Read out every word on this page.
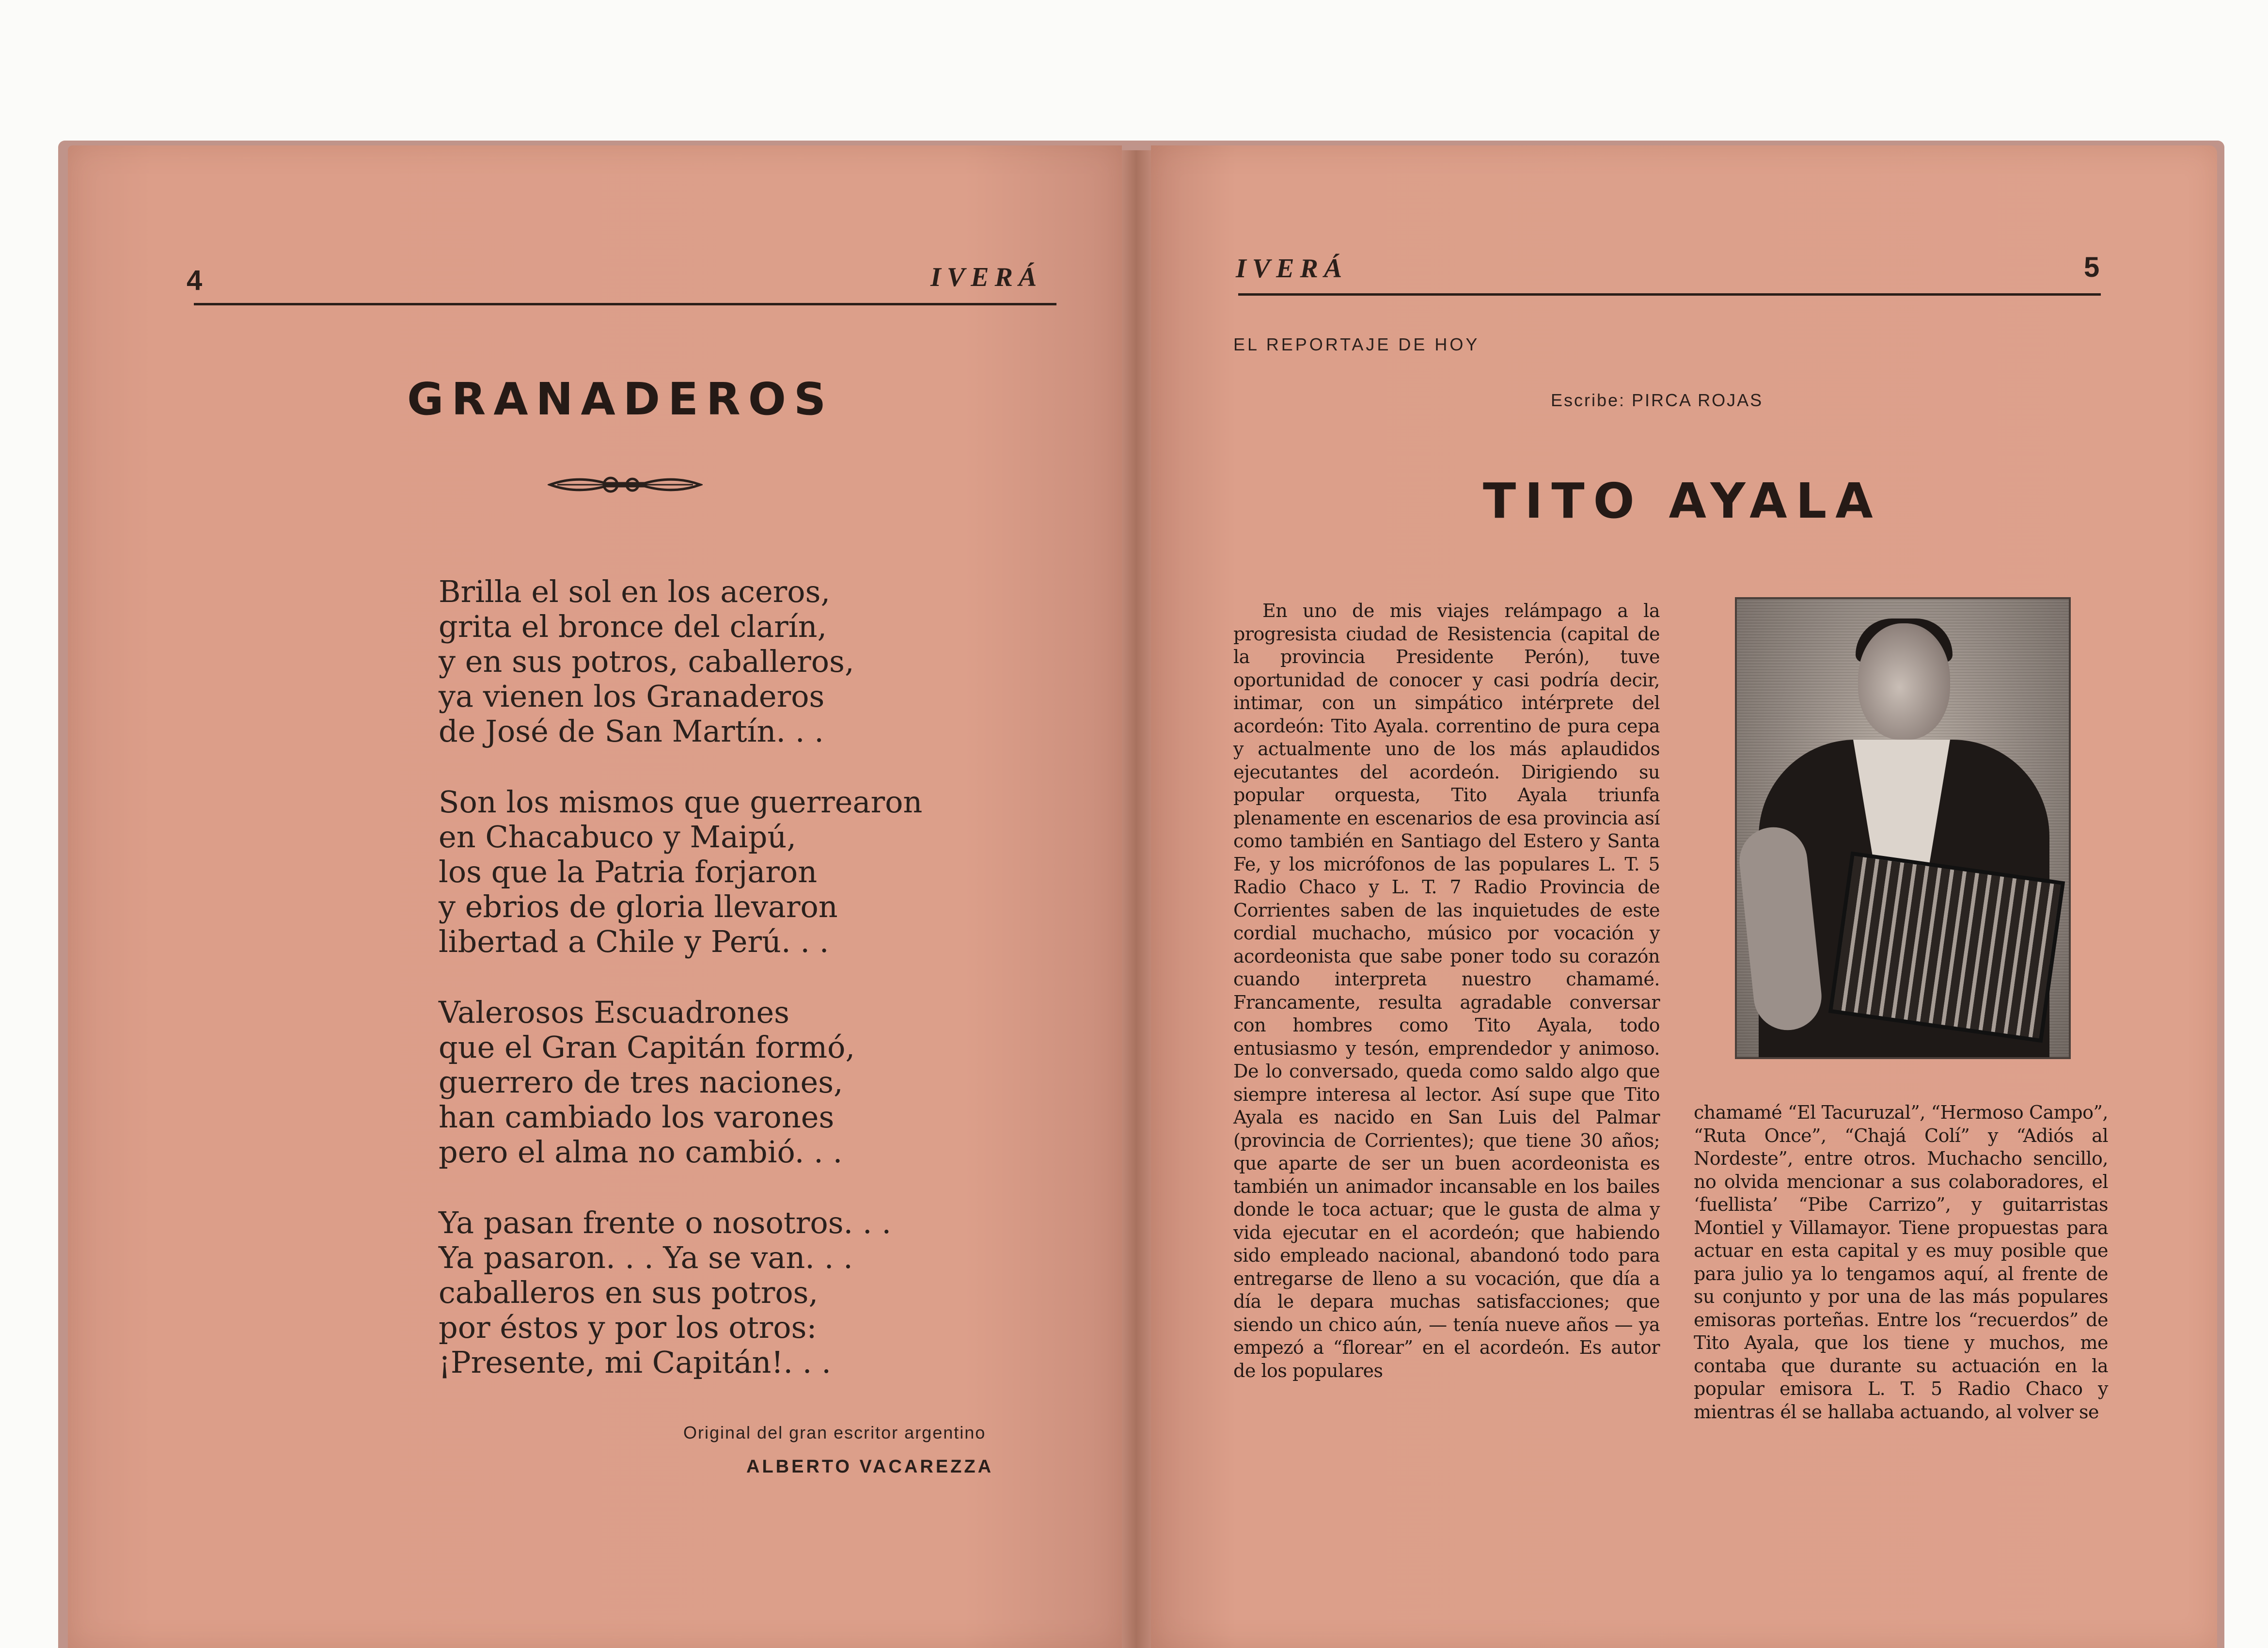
4	IVERÁ
GRANADEROS
Brilla el sol en los aceros,
grita el bronce del clarín,
y en sus potros, caballeros,
ya vienen los Granaderos
de José de San Martín. . .
Son los mismos que guerrearon
en Chacabuco y Maipú,
los que la Patria forjaron
y ebrios de gloria llevaron
libertad a Chile y Perú. . .
Valerosos Escuadrones
que el Gran Capitán formó,
guerrero de tres naciones,
han cambiado los varones
pero el alma no cambió. . .
Ya pasan frente o nosotros. . .
Ya pasaron. . . Ya se van. . .
caballeros en sus potros,
por éstos y por los otros:
¡Presente, mi Capitán!. . .
Original del gran escritor argentino
ALBERTO VACAREZZA
IVERÁ	5
EL REPORTAJE DE HOY
Escribe: PIRCA ROJAS
TITO AYALA
En uno de mis viajes relámpago a la progresista ciudad de Resistencia (capital de la provincia Presidente Perón), tuve oportunidad de conocer y casi podría decir, intimar, con un simpático intérprete del acordeón: Tito Ayala. correntino de pura cepa y actualmente uno de los más aplaudidos ejecutantes del acordeón. Dirigiendo su popular orquesta, Tito Ayala triunfa plenamente en escenarios de esa provincia así como también en Santiago del Estero y Santa Fe, y los micrófonos de las populares L. T. 5 Radio Chaco y L. T. 7 Radio Provincia de Corrientes saben de las inquietudes de este cordial muchacho, músico por vocación y acordeonista que sabe poner todo su corazón cuando interpreta nuestro chamamé. Francamente, resulta agradable conversar con hombres como Tito Ayala, todo entusiasmo y tesón, emprendedor y animoso. De lo conversado, queda como saldo algo que siempre interesa al lector. Así supe que Tito Ayala es nacido en San Luis del Palmar (provincia de Corrientes); que tiene 30 años; que aparte de ser un buen acordeonista es también un animador incansable en los bailes donde le toca actuar; que le gusta de alma y vida ejecutar en el acordeón; que habiendo sido empleado nacional, abandonó todo para entregarse de lleno a su vocación, que día a día le depara muchas satisfacciones; que siendo un chico aún, — tenía nueve años — ya empezó a “florear” en el acordeón. Es autor de los populares
chamamé “El Tacuruzal”, “Hermoso Campo”, “Ruta Once”, “Chajá Colí” y “Adiós al Nordeste”, entre otros. Muchacho sencillo, no olvida mencionar a sus colaboradores, el ‘fuellista’ “Pibe Carrizo”, y guitarristas Montiel y Villamayor. Tiene propuestas para actuar en esta capital y es muy posible que para julio ya lo tengamos aquí, al frente de su conjunto y por una de las más populares emisoras porteñas. Entre los “recuerdos” de Tito Ayala, que los tiene y muchos, me contaba que durante su actuación en la popular emisora L. T. 5 Radio Chaco y mientras él se hallaba actuando, al volver se
